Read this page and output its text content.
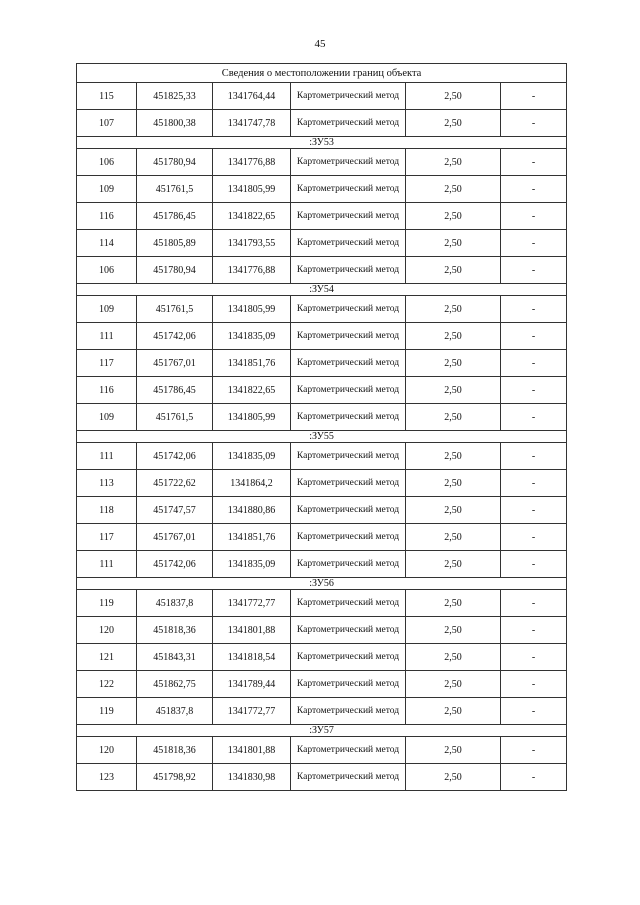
45
Сведения о местоположении границ объекта					
115	451825,33	1341764,44	Картометрический метод	2,50	-
107	451800,38	1341747,78	Картометрический метод	2,50	-
:ЗУ53					
106	451780,94	1341776,88	Картометрический метод	2,50	-
109	451761,5	1341805,99	Картометрический метод	2,50	-
116	451786,45	1341822,65	Картометрический метод	2,50	-
114	451805,89	1341793,55	Картометрический метод	2,50	-
106	451780,94	1341776,88	Картометрический метод	2,50	-
:ЗУ54					
109	451761,5	1341805,99	Картометрический метод	2,50	-
111	451742,06	1341835,09	Картометрический метод	2,50	-
117	451767,01	1341851,76	Картометрический метод	2,50	-
116	451786,45	1341822,65	Картометрический метод	2,50	-
109	451761,5	1341805,99	Картометрический метод	2,50	-
:ЗУ55					
111	451742,06	1341835,09	Картометрический метод	2,50	-
113	451722,62	1341864,2	Картометрический метод	2,50	-
118	451747,57	1341880,86	Картометрический метод	2,50	-
117	451767,01	1341851,76	Картометрический метод	2,50	-
111	451742,06	1341835,09	Картометрический метод	2,50	-
:ЗУ56					
119	451837,8	1341772,77	Картометрический метод	2,50	-
120	451818,36	1341801,88	Картометрический метод	2,50	-
121	451843,31	1341818,54	Картометрический метод	2,50	-
122	451862,75	1341789,44	Картометрический метод	2,50	-
119	451837,8	1341772,77	Картометрический метод	2,50	-
:ЗУ57					
120	451818,36	1341801,88	Картометрический метод	2,50	-
123	451798,92	1341830,98	Картометрический метод	2,50	-
